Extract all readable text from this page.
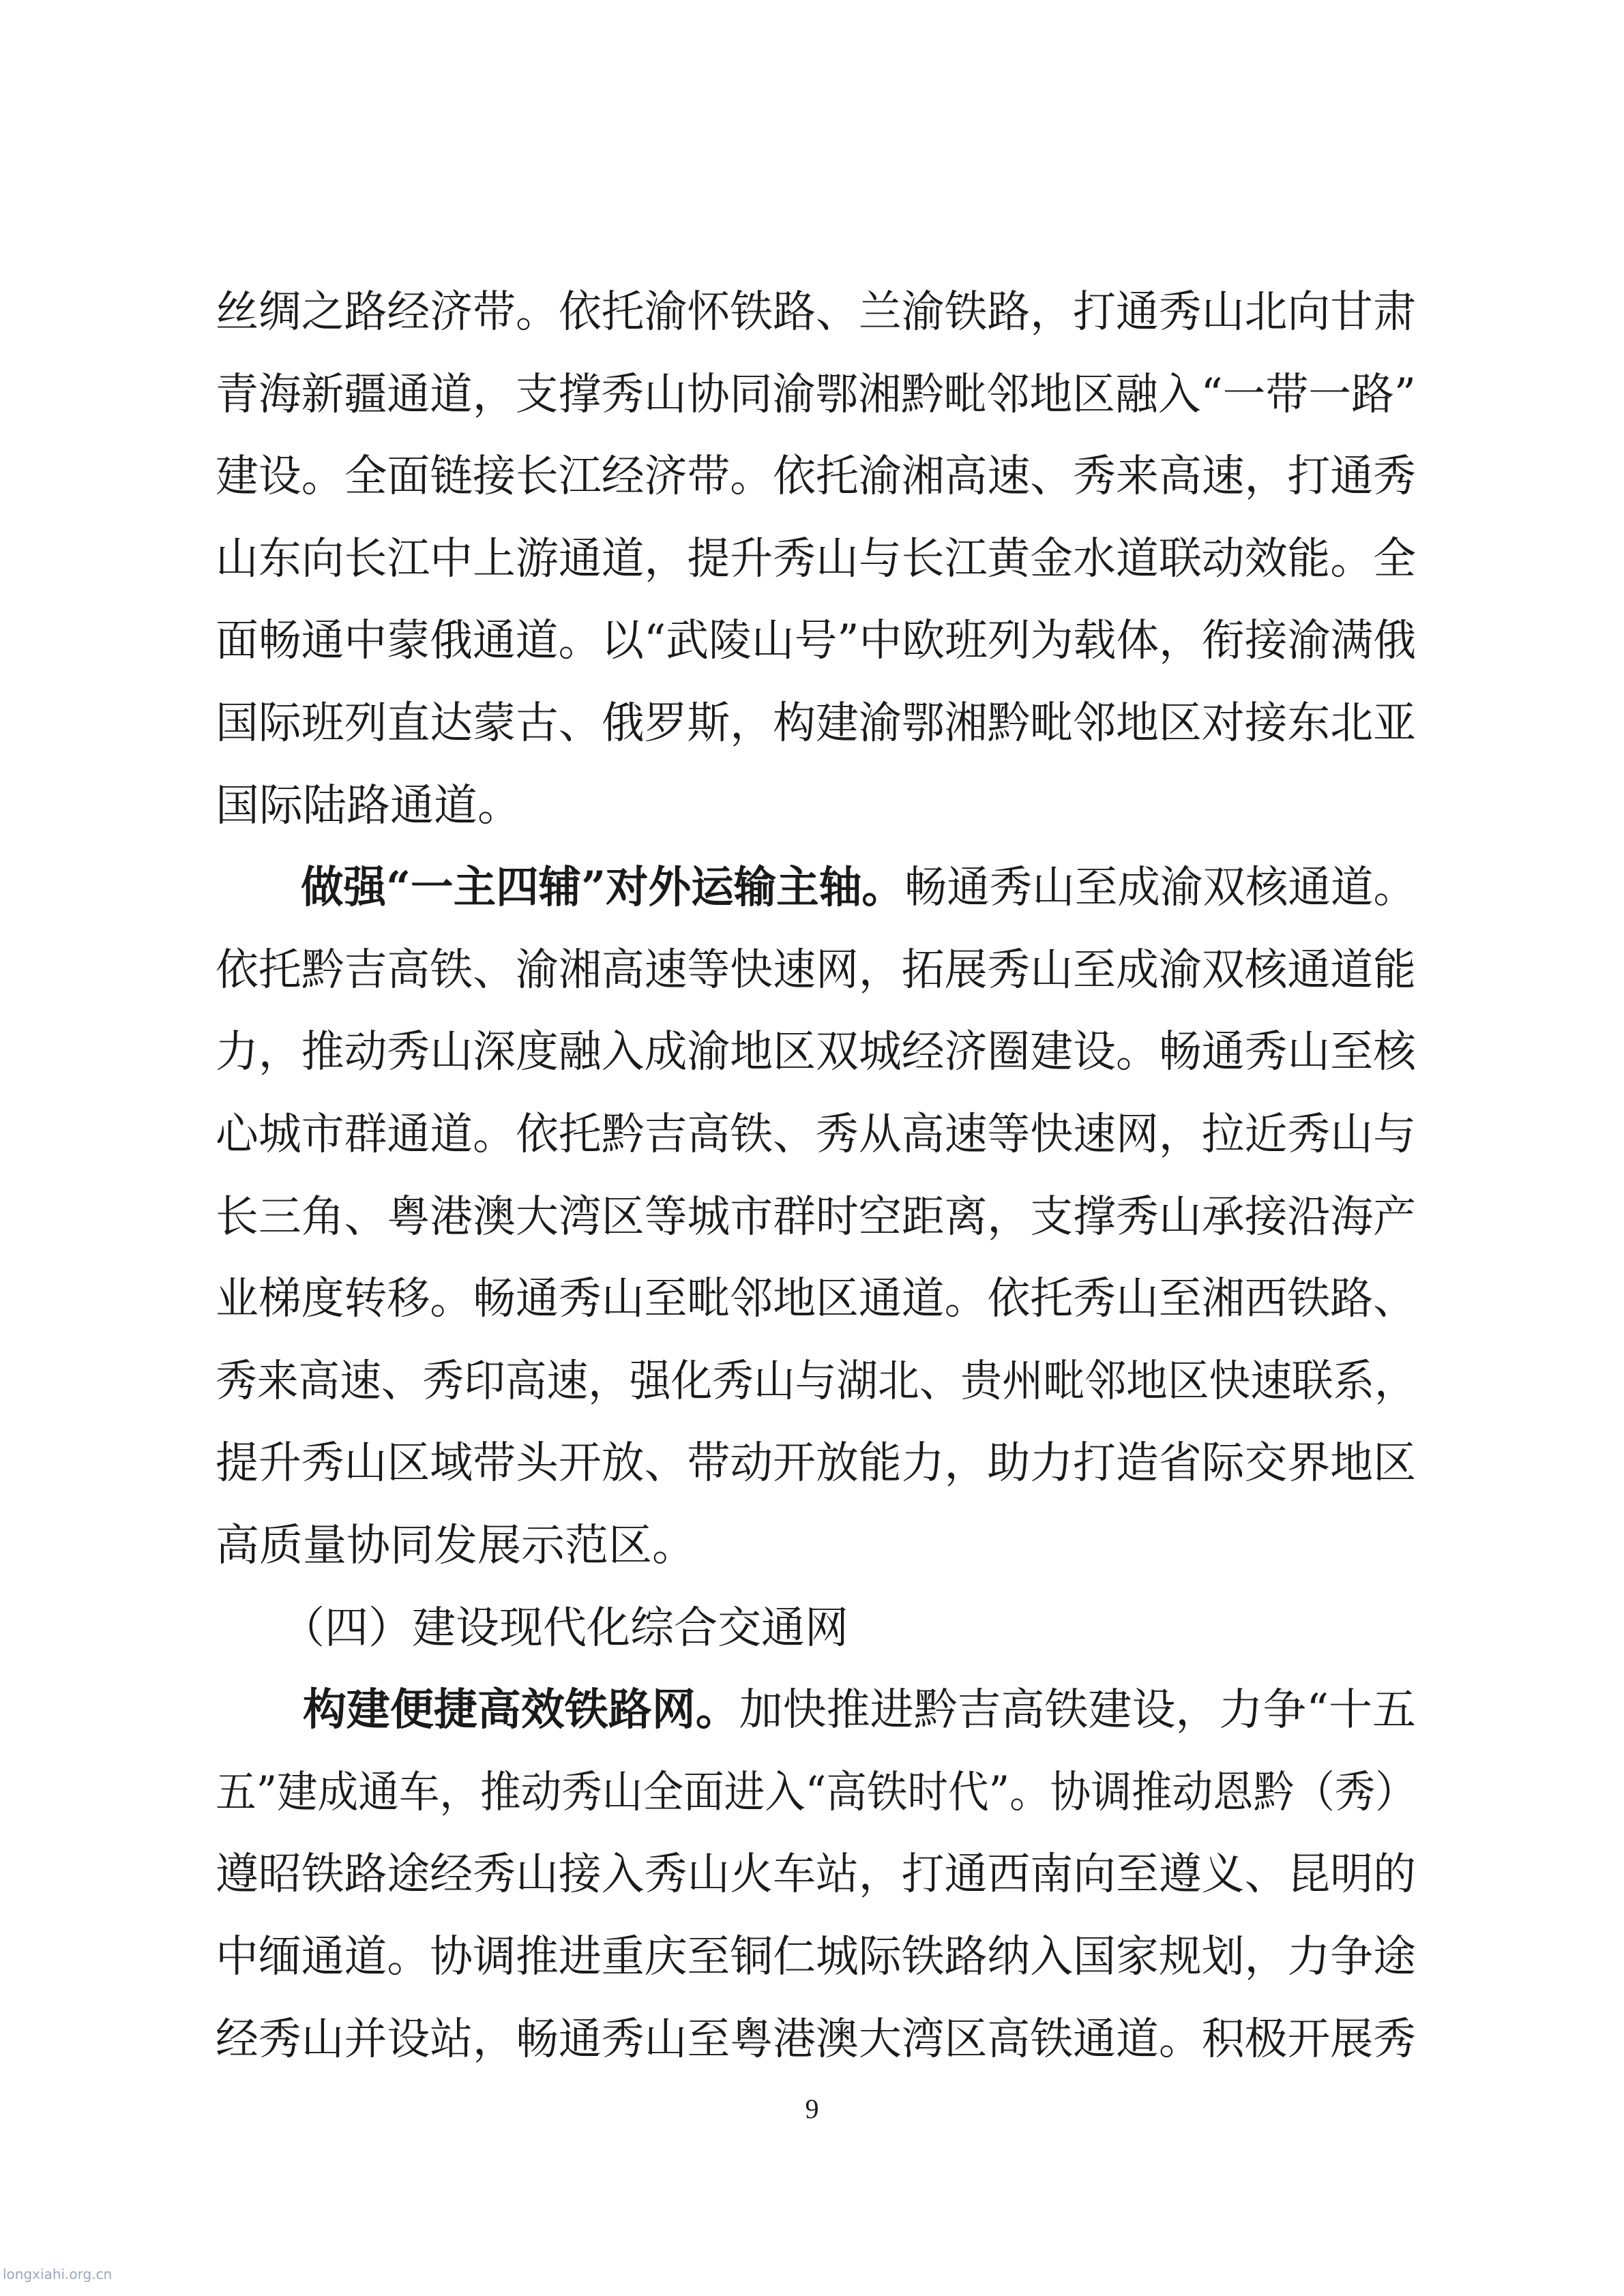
丝绸之路经济带。依托渝怀铁路、兰渝铁路，打通秀山北向甘肃
青海新疆通道，支撑秀山协同渝鄂湘黔毗邻地区融入“一带一路”
建设。全面链接长江经济带。依托渝湘高速、秀来高速，打通秀
山东向长江中上游通道，提升秀山与长江黄金水道联动效能。全
面畅通中蒙俄通道。以“武陵山号”中欧班列为载体，衔接渝满俄
国际班列直达蒙古、俄罗斯，构建渝鄂湘黔毗邻地区对接东北亚
国际陆路通道。
　　做强“一主四辅”对外运输主轴。畅通秀山至成渝双核通道。
依托黔吉高铁、渝湘高速等快速网，拓展秀山至成渝双核通道能
力，推动秀山深度融入成渝地区双城经济圈建设。畅通秀山至核
心城市群通道。依托黔吉高铁、秀从高速等快速网，拉近秀山与
长三角、粤港澳大湾区等城市群时空距离，支撑秀山承接沿海产
业梯度转移。畅通秀山至毗邻地区通道。依托秀山至湘西铁路、
秀来高速、秀印高速，强化秀山与湖北、贵州毗邻地区快速联系，
提升秀山区域带头开放、带动开放能力，助力打造省际交界地区
高质量协同发展示范区。
　　（四）建设现代化综合交通网
　　构建便捷高效铁路网。加快推进黔吉高铁建设，力争“十五
五”建成通车，推动秀山全面进入“高铁时代”。协调推动恩黔（秀）
遵昭铁路途经秀山接入秀山火车站，打通西南向至遵义、昆明的
中缅通道。协调推进重庆至铜仁城际铁路纳入国家规划，力争途
经秀山并设站，畅通秀山至粤港澳大湾区高铁通道。积极开展秀
9
longxiahi.org.cn
